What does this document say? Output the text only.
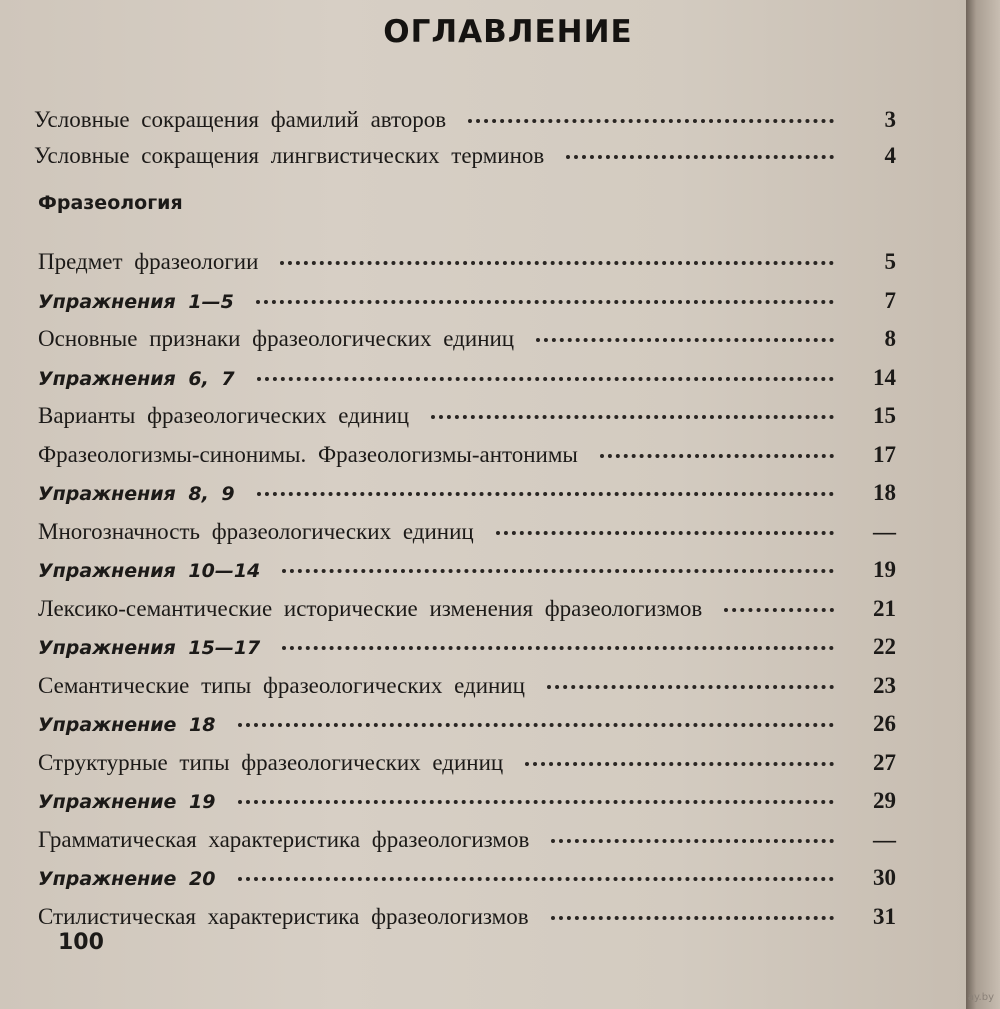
ОГЛАВЛЕНИЕ
Условные сокращения фамилий авторов	3
Условные сокращения лингвистических терминов	4
Фразеология
Предмет фразеологии	5
Упражнения 1—5	7
Основные признаки фразеологических единиц	8
Упражнения 6, 7	14
Варианты фразеологических единиц	15
Фразеологизмы-синонимы. Фразеологизмы-антонимы	17
Упражнения 8, 9	18
Многозначность фразеологических единиц	—
Упражнения 10—14	19
Лексико-семантические исторические изменения фразеологизмов	21
Упражнения 15—17	22
Семантические типы фразеологических единиц	23
Упражнение 18	26
Структурные типы фразеологических единиц	27
Упражнение 19	29
Грамматическая характеристика фразеологизмов	—
Упражнение 20	30
Стилистическая характеристика фразеологизмов	31
100
ay.by
